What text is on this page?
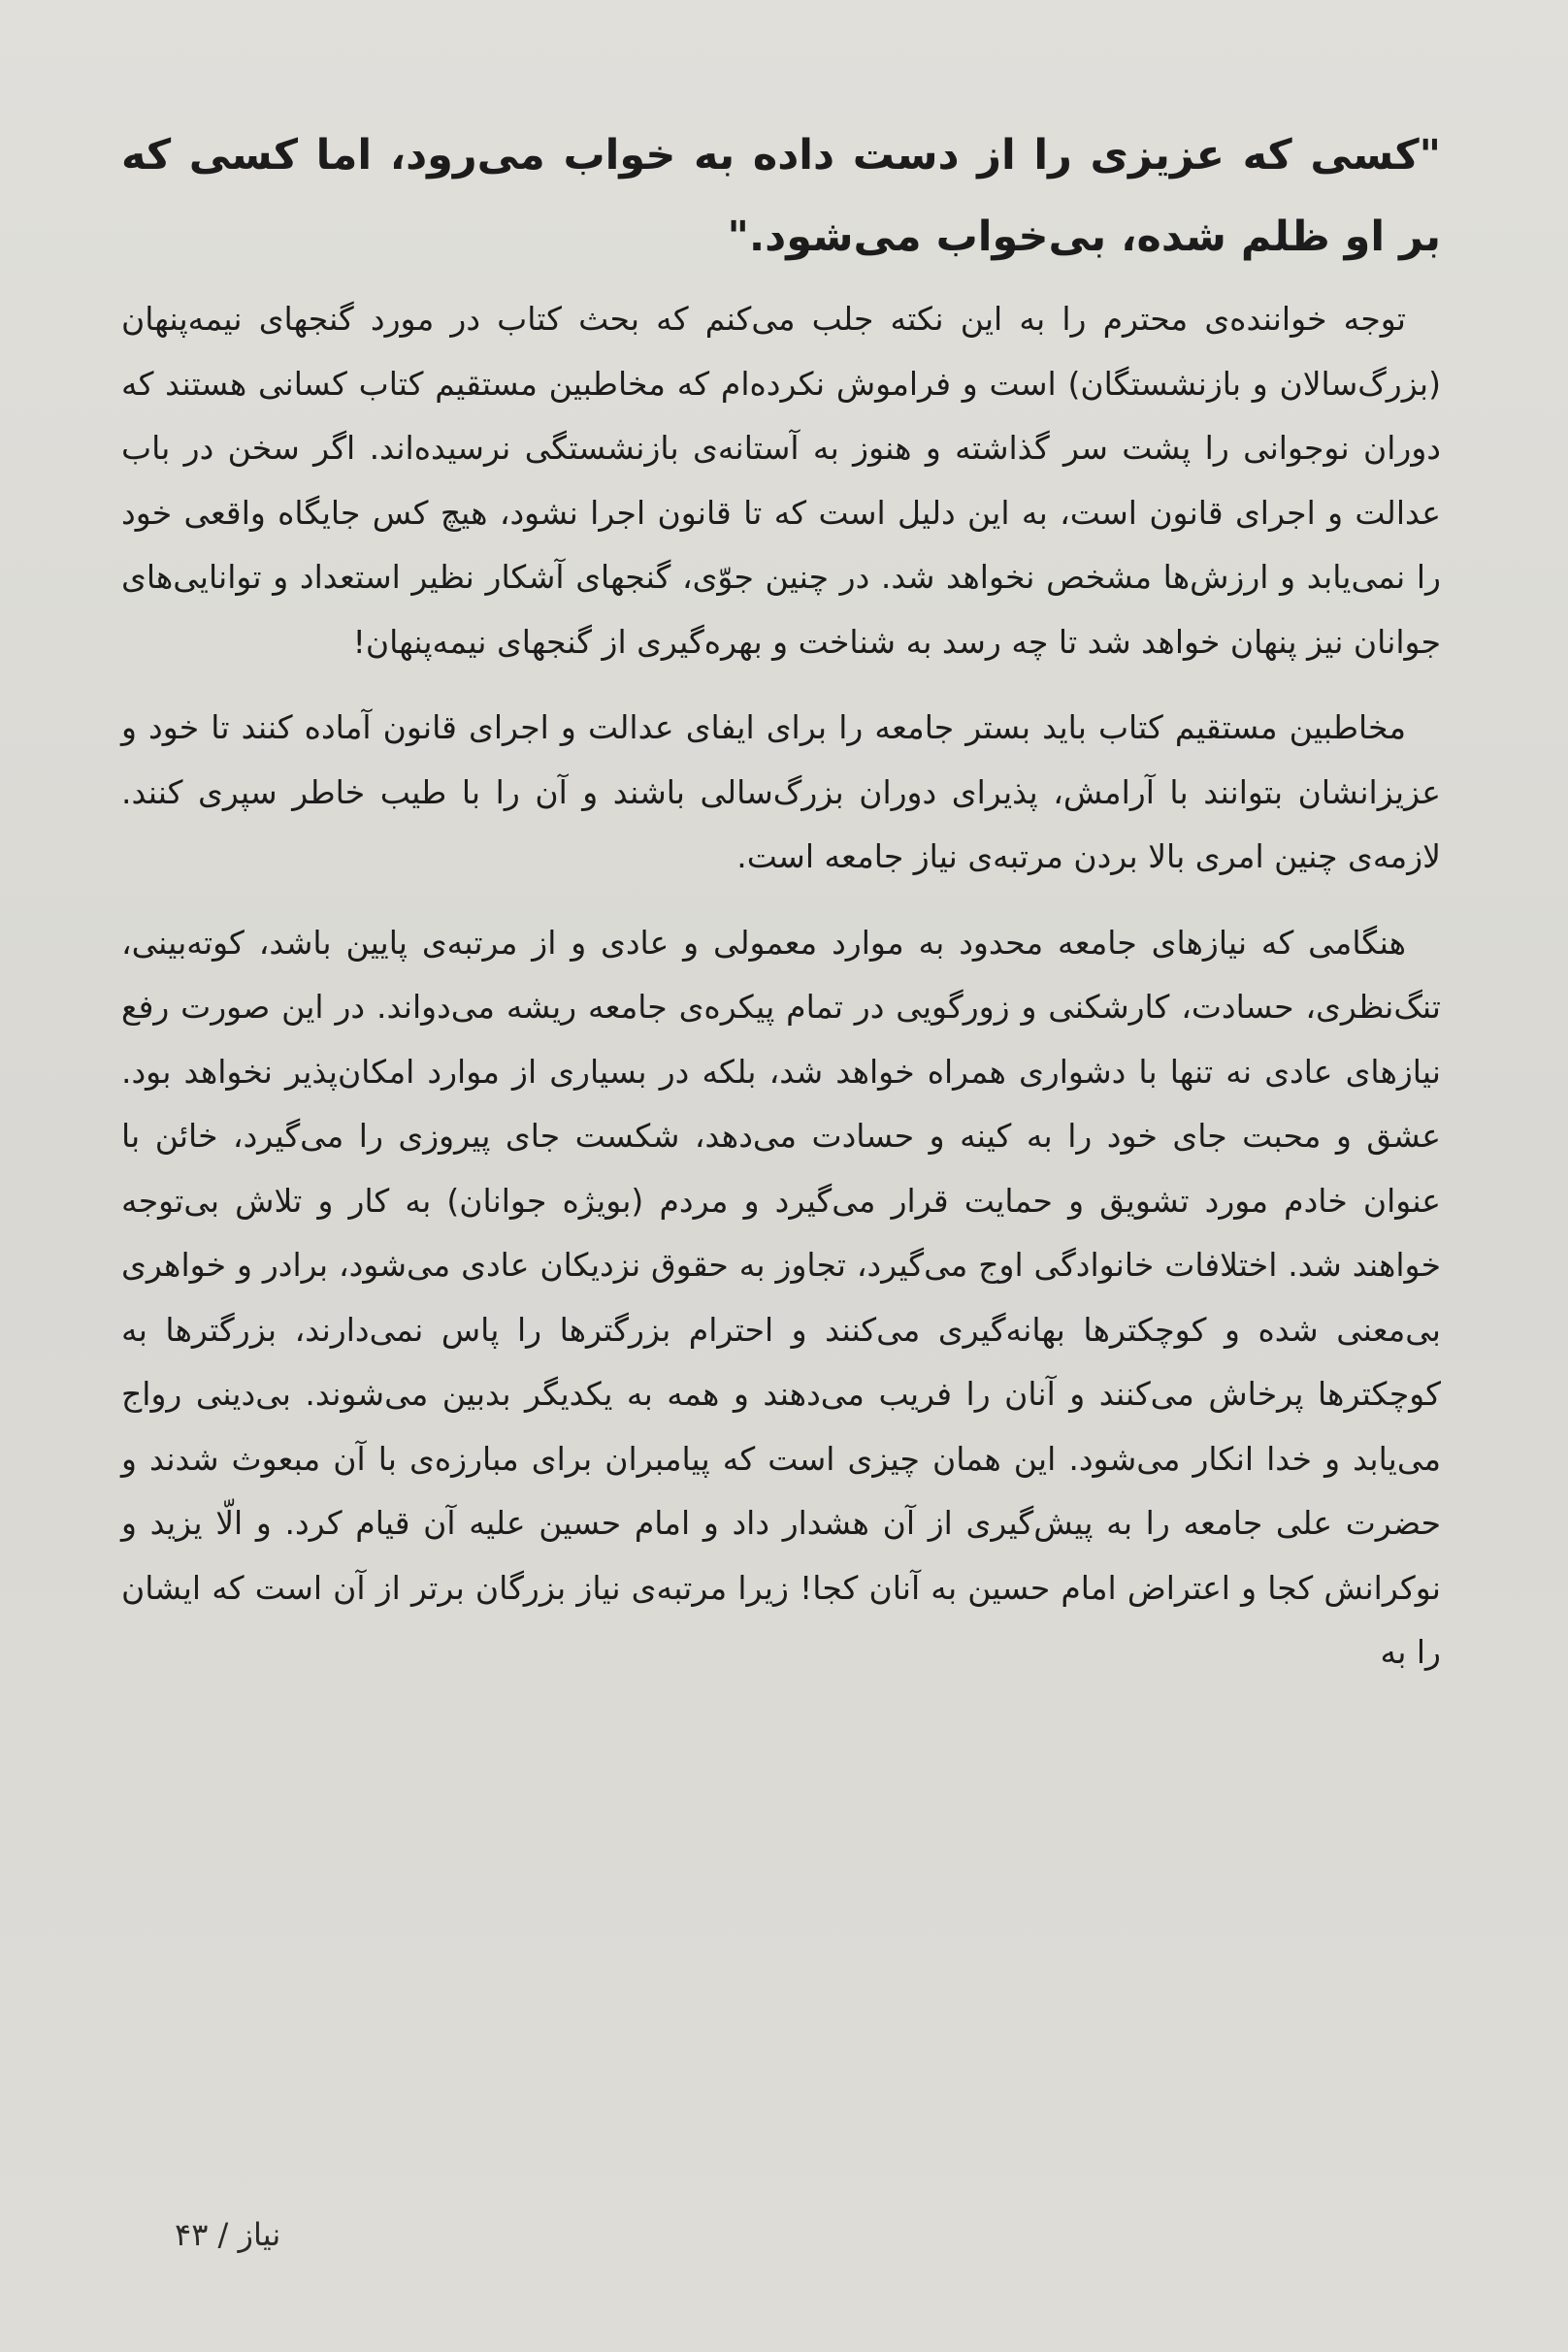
"کسی که عزیزی را از دست داده به خواب می‌رود، اما کسی که بر او ظلم شده، بی‌خواب می‌شود."

توجه خواننده‌ی محترم را به این نکته جلب می‌کنم که بحث کتاب در مورد گنجهای نیمه‌پنهان (بزرگ‌سالان و بازنشستگان) است و فراموش نکرده‌ام که مخاطبین مستقیم کتاب کسانی هستند که دوران نوجوانی را پشت سر گذاشته و هنوز به آستانه‌ی بازنشستگی نرسیده‌اند. اگر سخن در باب عدالت و اجرای قانون است، به این دلیل است که تا قانون اجرا نشود، هیچ کس جایگاه واقعی خود را نمی‌یابد و ارزش‌ها مشخص نخواهد شد. در چنین جوّی، گنجهای آشکار نظیر استعداد و توانایی‌های جوانان نیز پنهان خواهد شد تا چه رسد به شناخت و بهره‌گیری از گنجهای نیمه‌پنهان!

مخاطبین مستقیم کتاب باید بستر جامعه را برای ایفای عدالت و اجرای قانون آماده کنند تا خود و عزیزانشان بتوانند با آرامش، پذیرای دوران بزرگ‌سالی باشند و آن را با طیب خاطر سپری کنند. لازمه‌ی چنین امری بالا بردن مرتبه‌ی نیاز جامعه است.

هنگامی که نیازهای جامعه محدود به موارد معمولی و عادی و از مرتبه‌ی پایین باشد، کوته‌بینی، تنگ‌نظری، حسادت، کارشکنی و زورگویی در تمام پیکره‌ی جامعه ریشه می‌دواند. در این صورت رفع نیازهای عادی نه تنها با دشواری همراه خواهد شد، بلکه در بسیاری از موارد امکان‌پذیر نخواهد بود. عشق و محبت جای خود را به کینه و حسادت می‌دهد، شکست جای پیروزی را می‌گیرد، خائن با عنوان خادم مورد تشویق و حمایت قرار می‌گیرد و مردم (بویژه جوانان) به کار و تلاش بی‌توجه خواهند شد. اختلافات خانوادگی اوج می‌گیرد، تجاوز به حقوق نزدیکان عادی می‌شود، برادر و خواهری بی‌معنی شده و کوچکترها بهانه‌گیری می‌کنند و احترام بزرگترها را پاس نمی‌دارند، بزرگترها به کوچکترها پرخاش می‌کنند و آنان را فریب می‌دهند و همه به یکدیگر بدبین می‌شوند. بی‌دینی رواج می‌یابد و خدا انکار می‌شود. این همان چیزی است که پیامبران برای مبارزه‌ی با آن مبعوث شدند و حضرت علی جامعه را به پیش‌گیری از آن هشدار داد و امام حسین علیه آن قیام کرد. و الّا یزید و نوکرانش کجا و اعتراض امام حسین به آنان کجا! زیرا مرتبه‌ی نیاز بزرگان برتر از آن است که ایشان را به

نیاز / ۴۳
